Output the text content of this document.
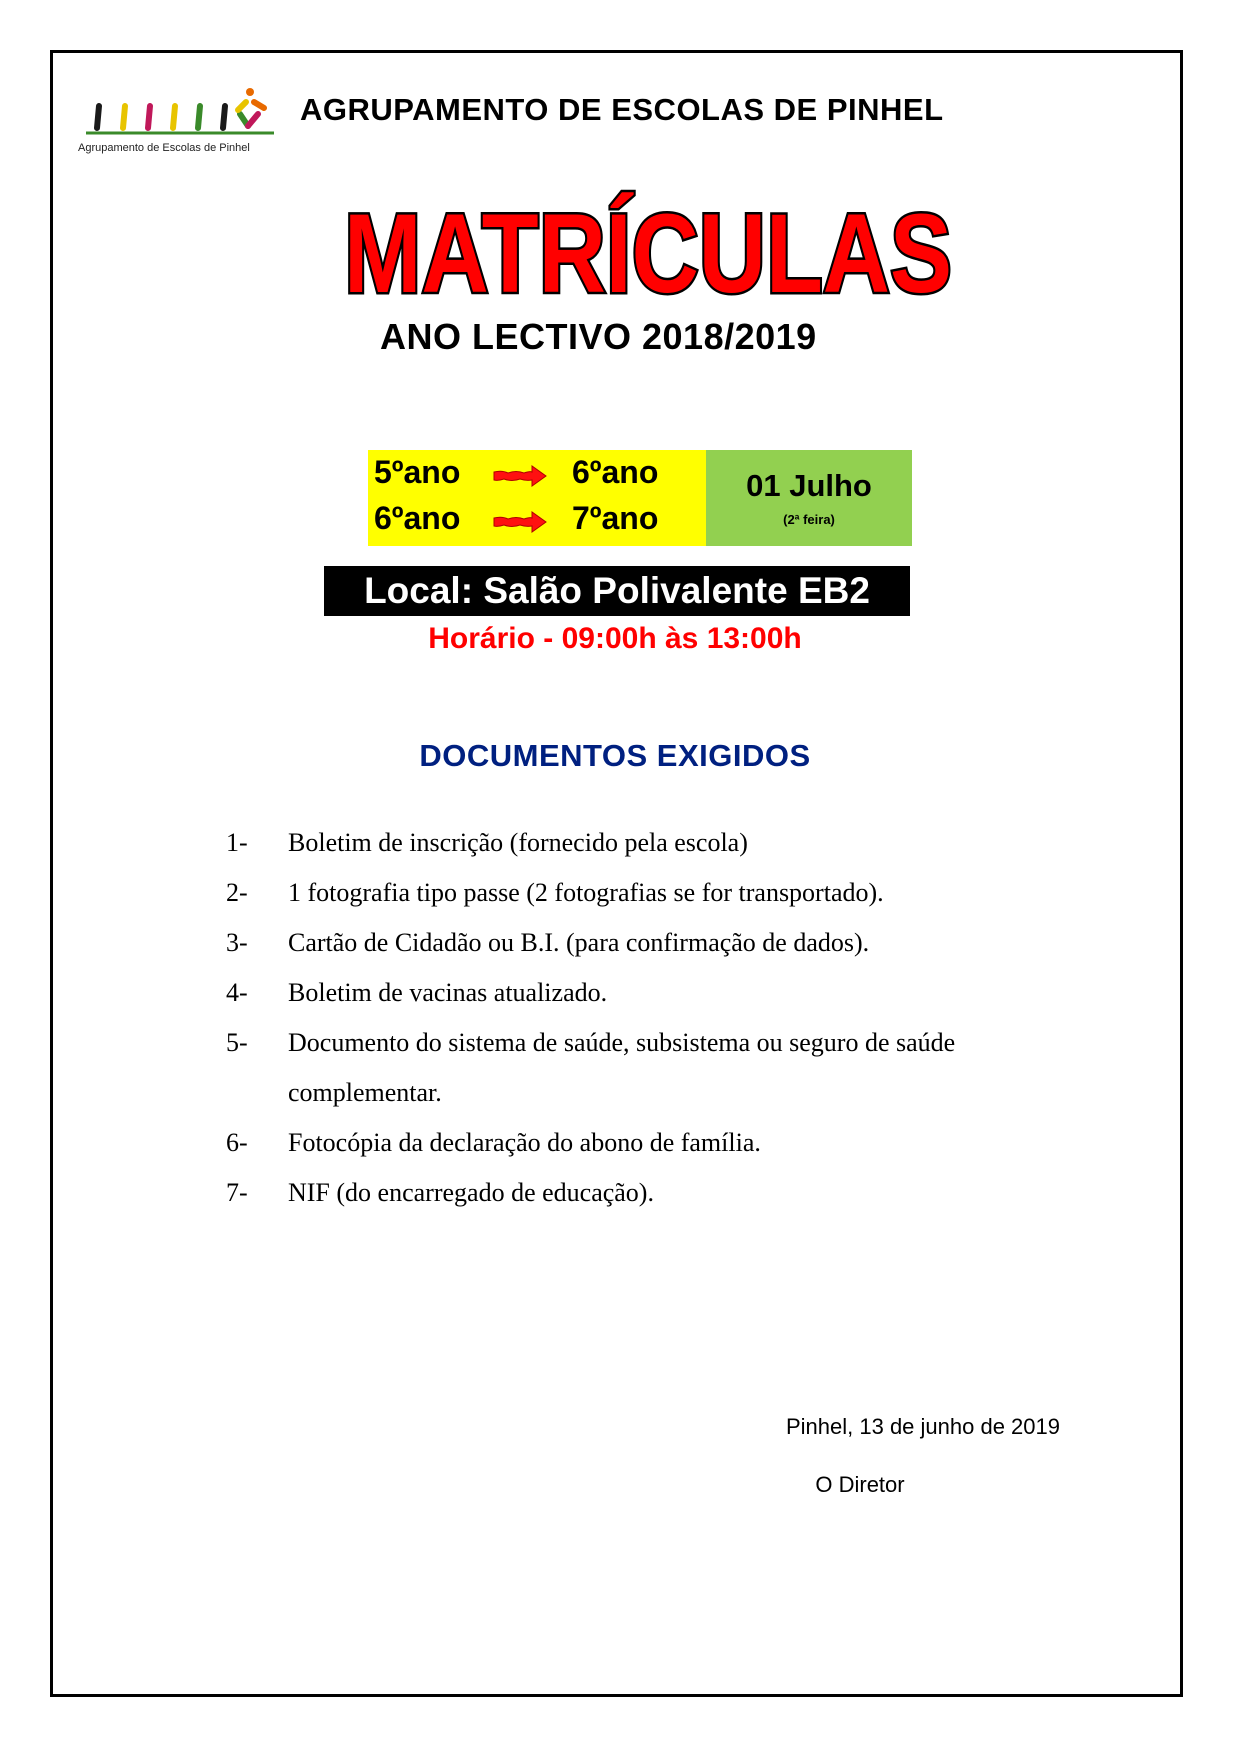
Agrupamento de Escolas de Pinhel
AGRUPAMENTO DE ESCOLAS DE PINHEL
MATRÍCULAS
ANO LECTIVO 2018/2019
5ºano	6ºano
6ºano	7ºano
01 Julho
(2ª feira)
Local: Salão Polivalente EB2
Horário - 09:00h às 13:00h
DOCUMENTOS EXIGIDOS
1- Boletim de inscrição (fornecido pela escola)
2- 1 fotografia tipo passe (2 fotografias se for transportado).
3- Cartão de Cidadão ou B.I. (para confirmação de dados).
4- Boletim de vacinas atualizado.
5- Documento do sistema de saúde, subsistema ou seguro de saúde
complementar.
6- Fotocópia da declaração do abono de família.
7- NIF (do encarregado de educação).
Pinhel, 13 de junho de 2019
O Diretor
